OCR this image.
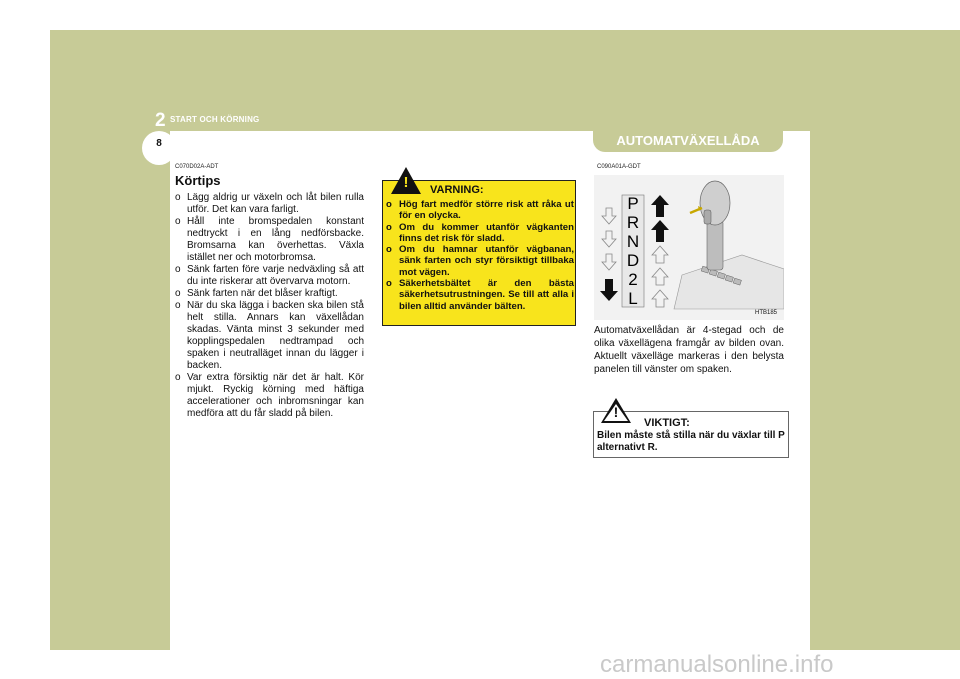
2 START OCH KÖRNING
8	AUTOMATVÄXELLÅDA
C070D02A-ADT
Körtips

o Lägg aldrig ur växeln och låt bilen rulla utför. Det kan vara farligt.

o Håll inte bromspedalen konstant nedtryckt i en lång nedförsbacke. Bromsarna kan överhettas. Växla istället ner och motorbromsa.

o Sänk farten före varje nedväxling så att du inte riskerar att övervarva motorn.

o Sänk farten när det blåser kraftigt.

o När du ska lägga i backen ska bilen stå helt stilla. Annars kan växellådan skadas. Vänta minst 3 sekunder med kopplingspedalen nedtrampad och spaken i neutralläget innan du lägger i backen.

o Var extra försiktig när det är halt. Kör mjukt. Ryckig körning med häftiga accelerationer och inbromsningar kan medföra att du får sladd på bilen.

!	VARNING:

o Hög fart medför större risk att råka ut för en olycka.

o Om du kommer utanför vägkanten finns det risk för sladd.

o Om du hamnar utanför vägbanan, sänk farten och styr försiktigt tillbaka mot vägen.

o Säkerhetsbältet är den bästa säkerhetsutrustningen. Se till att alla i bilen alltid använder bälten.

C090A01A-GDT
P
R
N
D
2
L
HTB185
Automatväxellådan är 4-stegad och de olika växellägena framgår av bilden ovan. Aktuellt växelläge markeras i den belysta panelen till vänster om spaken.
!
VIKTIGT:
Bilen måste stå stilla när du växlar till P alternativt R.
carmanualsonline.info
